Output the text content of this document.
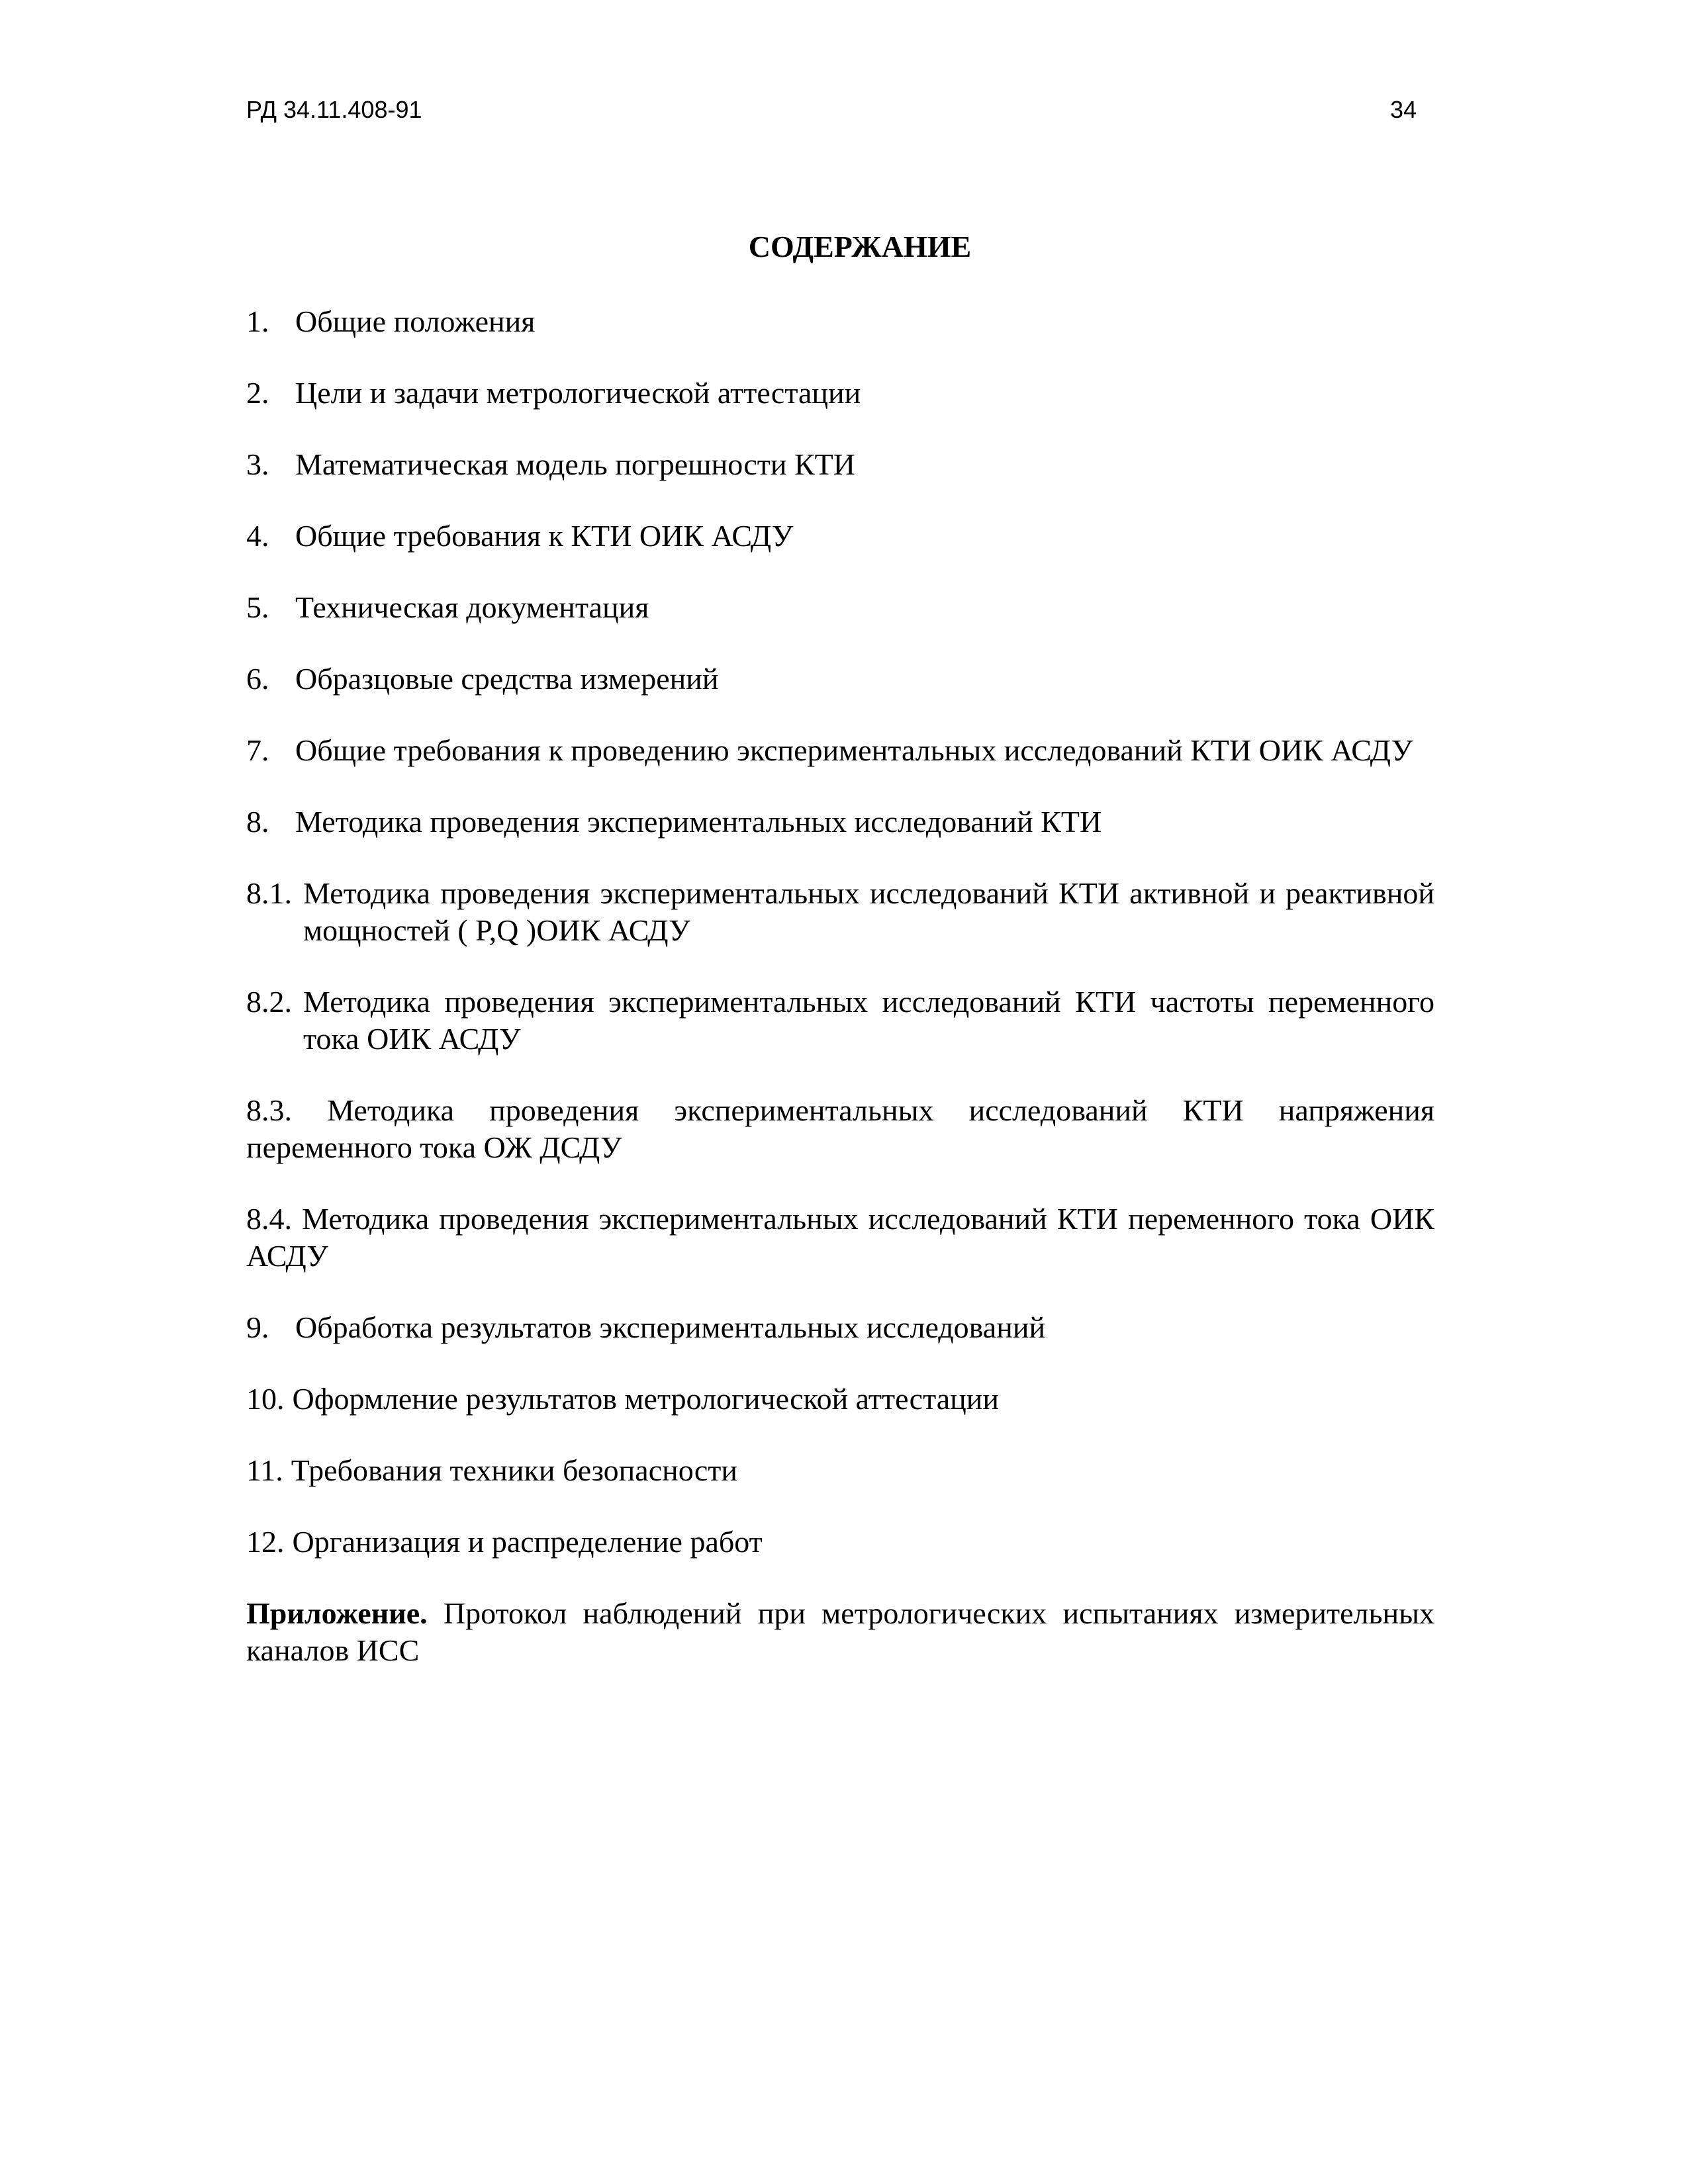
РД 34.11.408-91	34
СОДЕРЖАНИЕ
1. Общие положения
2. Цели и задачи метрологической аттестации
3. Математическая модель погрешности КТИ
4. Общие требования к КТИ ОИК АСДУ
5. Техническая документация
6. Образцовые средства измерений
7. Общие требования к проведению экспериментальных исследований КТИ ОИК АСДУ
8. Методика проведения экспериментальных исследований КТИ
8.1. Методика проведения экспериментальных исследований КТИ активной и реактивной мощностей ( P,Q )ОИК АСДУ
8.2. Методика проведения экспериментальных исследований КТИ частоты переменного тока ОИК АСДУ
8.3. Методика проведения экспериментальных исследований КТИ напряжения переменного тока ОЖ ДСДУ
8.4. Методика проведения экспериментальных исследований КТИ переменного тока ОИК АСДУ
9. Обработка результатов экспериментальных исследований
10. Оформление результатов метрологической аттестации
11. Требования техники безопасности
12. Организация и распределение работ
Приложение. Протокол наблюдений при метрологических испытаниях измерительных каналов ИСС
